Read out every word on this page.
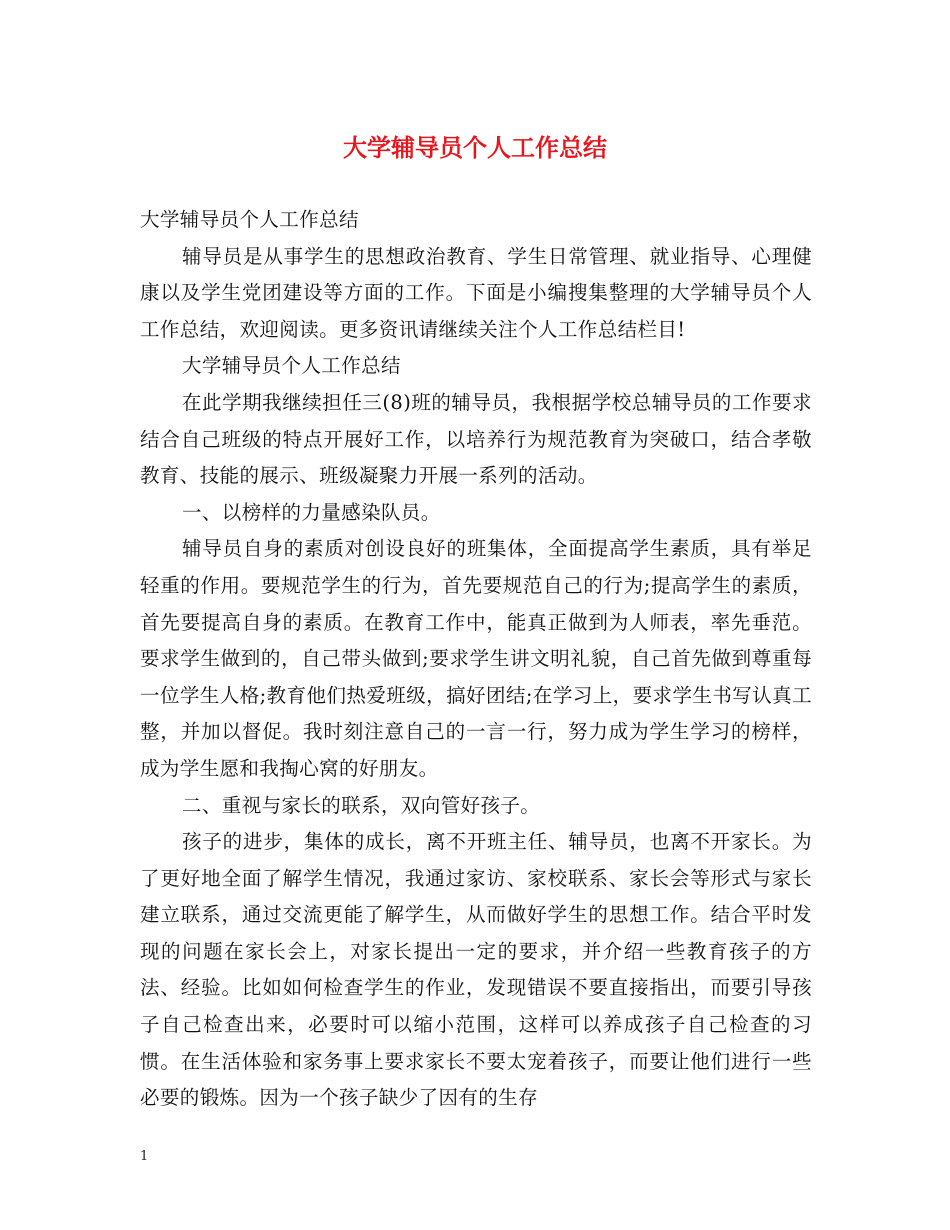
大学辅导员个人工作总结

大学辅导员个人工作总结

辅导员是从事学生的思想政治教育、学生日常管理、就业指导、心理健康以及学生党团建设等方面的工作。下面是小编搜集整理的大学辅导员个人工作总结，欢迎阅读。更多资讯请继续关注个人工作总结栏目!

大学辅导员个人工作总结

在此学期我继续担任三(8)班的辅导员，我根据学校总辅导员的工作要求结合自己班级的特点开展好工作，以培养行为规范教育为突破口，结合孝敬教育、技能的展示、班级凝聚力开展一系列的活动。

一、以榜样的力量感染队员。

辅导员自身的素质对创设良好的班集体，全面提高学生素质，具有举足轻重的作用。要规范学生的行为，首先要规范自己的行为;提高学生的素质，首先要提高自身的素质。在教育工作中，能真正做到为人师表，率先垂范。要求学生做到的，自己带头做到;要求学生讲文明礼貌，自己首先做到尊重每一位学生人格;教育他们热爱班级，搞好团结;在学习上，要求学生书写认真工整，并加以督促。我时刻注意自己的一言一行，努力成为学生学习的榜样，成为学生愿和我掏心窝的好朋友。

二、重视与家长的联系，双向管好孩子。

孩子的进步，集体的成长，离不开班主任、辅导员，也离不开家长。为了更好地全面了解学生情况，我通过家访、家校联系、家长会等形式与家长建立联系，通过交流更能了解学生，从而做好学生的思想工作。结合平时发现的问题在家长会上，对家长提出一定的要求，并介绍一些教育孩子的方法、经验。比如如何检查学生的作业，发现错误不要直接指出，而要引导孩子自己检查出来，必要时可以缩小范围，这样可以养成孩子自己检查的习惯。在生活体验和家务事上要求家长不要太宠着孩子，而要让他们进行一些必要的锻炼。因为一个孩子缺少了因有的生存

1
